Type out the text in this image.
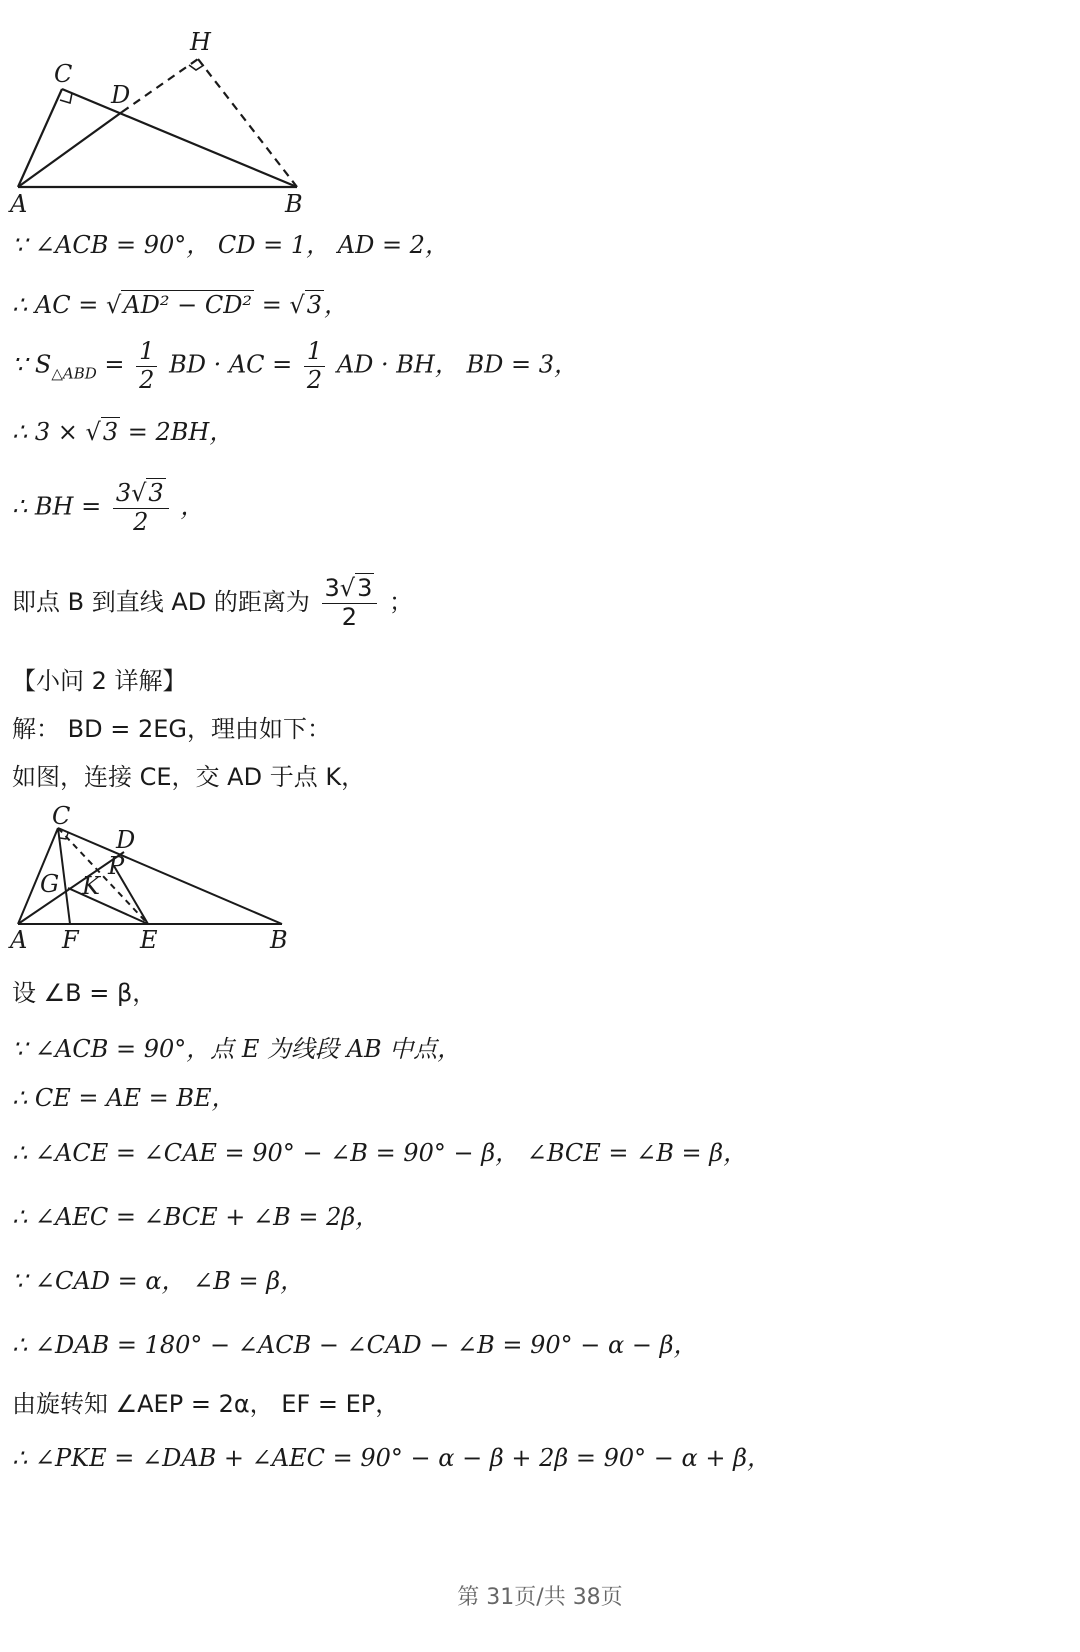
C
D
H
A	B
∵ ∠ACB = 90°， CD = 1， AD = 2，
∴ AC = √AD² − CD² = √3，
∵ $S_{\triangle ABD} = \frac{1}{2}$ BD · AC = $\frac{1}{2}$ AD · BH， BD = 3，
∴ 3 × √3 = 2BH，
∴ BH = $\frac{3√3}{2}$ ，
即点 B 到直线 AD 的距离为 $\frac{3√3}{2}$ ；
【小问 2 详解】
解： BD = 2EG，理由如下：
如图，连接 CE，交 AD 于点 K，
C
D
P
G K
A F	E	B
设 ∠B = β，
∵ ∠ACB = 90°，点 E 为线段 AB 中点，
∴ CE = AE = BE，
∴ ∠ACE = ∠CAE = 90° − ∠B = 90° − β， ∠BCE = ∠B = β，
∴ ∠AEC = ∠BCE + ∠B = 2β，
∵ ∠CAD = α， ∠B = β，
∴ ∠DAB = 180° − ∠ACB − ∠CAD − ∠B = 90° − α − β，
由旋转知 ∠AEP = 2α， EF = EP，
∴ ∠PKE = ∠DAB + ∠AEC = 90° − α − β + 2β = 90° − α + β，
第 31页/共 38页
